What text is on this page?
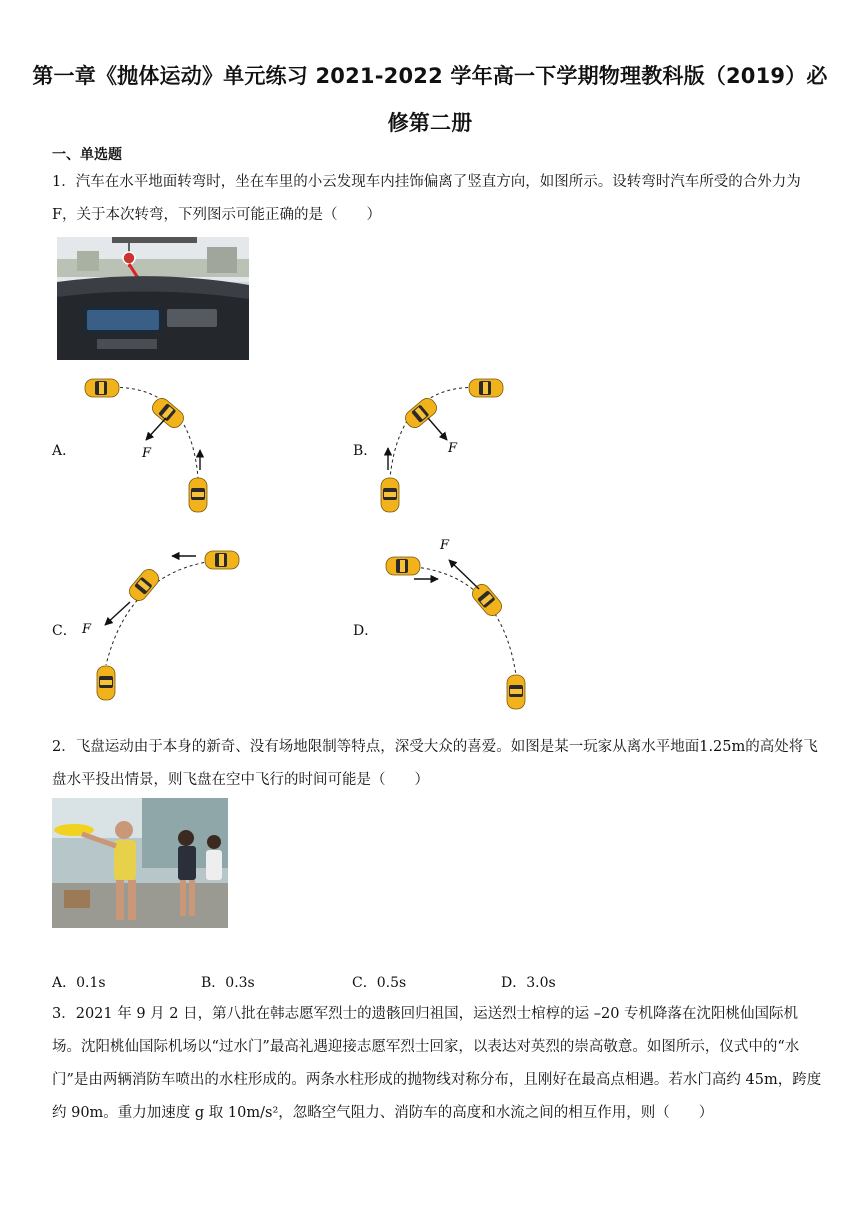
第一章《抛体运动》单元练习 2021-2022 学年高一下学期物理教科版（2019）必
修第二册
一、单选题
1．汽车在水平地面转弯时，坐在车里的小云发现车内挂饰偏离了竖直方向，如图所示。设转弯时汽车所受的合外力为 F，关于本次转弯，下列图示可能正确的是（　　）
A．	B．
C．	D．
F	F
F
F
2．飞盘运动由于本身的新奇、没有场地限制等特点，深受大众的喜爱。如图是某一玩家从离水平地面1.25m的高处将飞盘水平投出情景，则飞盘在空中飞行的时间可能是（　　）
A．0.1s	B．0.3s	C．0.5s	D．3.0s
3．2021 年 9 月 2 日，第八批在韩志愿军烈士的遗骸回归祖国，运送烈士棺椁的运 –20 专机降落在沈阳桃仙国际机场。沈阳桃仙国际机场以“过水门”最高礼遇迎接志愿军烈士回家，以表达对英烈的崇高敬意。如图所示，仪式中的“水门”是由两辆消防车喷出的水柱形成的。两条水柱形成的抛物线对称分布，且刚好在最高点相遇。若水门高约 45m，跨度约 90m。重力加速度 g 取 10m/s²，忽略空气阻力、消防车的高度和水流之间的相互作用，则（　　）
